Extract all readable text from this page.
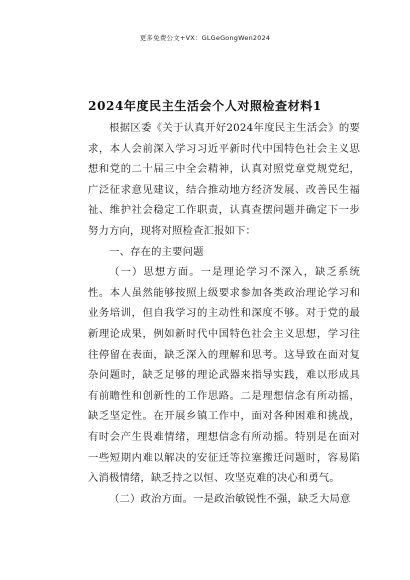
更多免费公文+VX：GLGeGongWen2024
2024年度民主生活会个人对照检查材料1

根据区委《关于认真开好2024年度民主生活会》的要求，本人会前深入学习习近平新时代中国特色社会主义思想和党的二十届三中全会精神，认真对照党章党规党纪，广泛征求意见建议，结合推动地方经济发展、改善民生福祉、维护社会稳定工作职责，认真查摆问题并确定下一步努力方向，现将对照检查汇报如下：

一、存在的主要问题

（一）思想方面。一是理论学习不深入，缺乏系统性。本人虽然能够按照上级要求参加各类政治理论学习和业务培训，但自我学习的主动性和深度不够。对于党的最新理论成果，例如新时代中国特色社会主义思想，学习往往停留在表面，缺乏深入的理解和思考。这导致在面对复杂问题时，缺乏足够的理论武器来指导实践，难以形成具有前瞻性和创新性的工作思路。二是理想信念有所动摇，缺乏坚定性。在开展乡镇工作中，面对各种困难和挑战，有时会产生畏难情绪，理想信念有所动摇。特别是在面对一些短期内难以解决的安征迁等拉塞搬迁问题时，容易陷入消极情绪，缺乏持之以恒、攻坚克难的决心和勇气。

（二）政治方面。一是政治敏锐性不强，缺乏大局意
